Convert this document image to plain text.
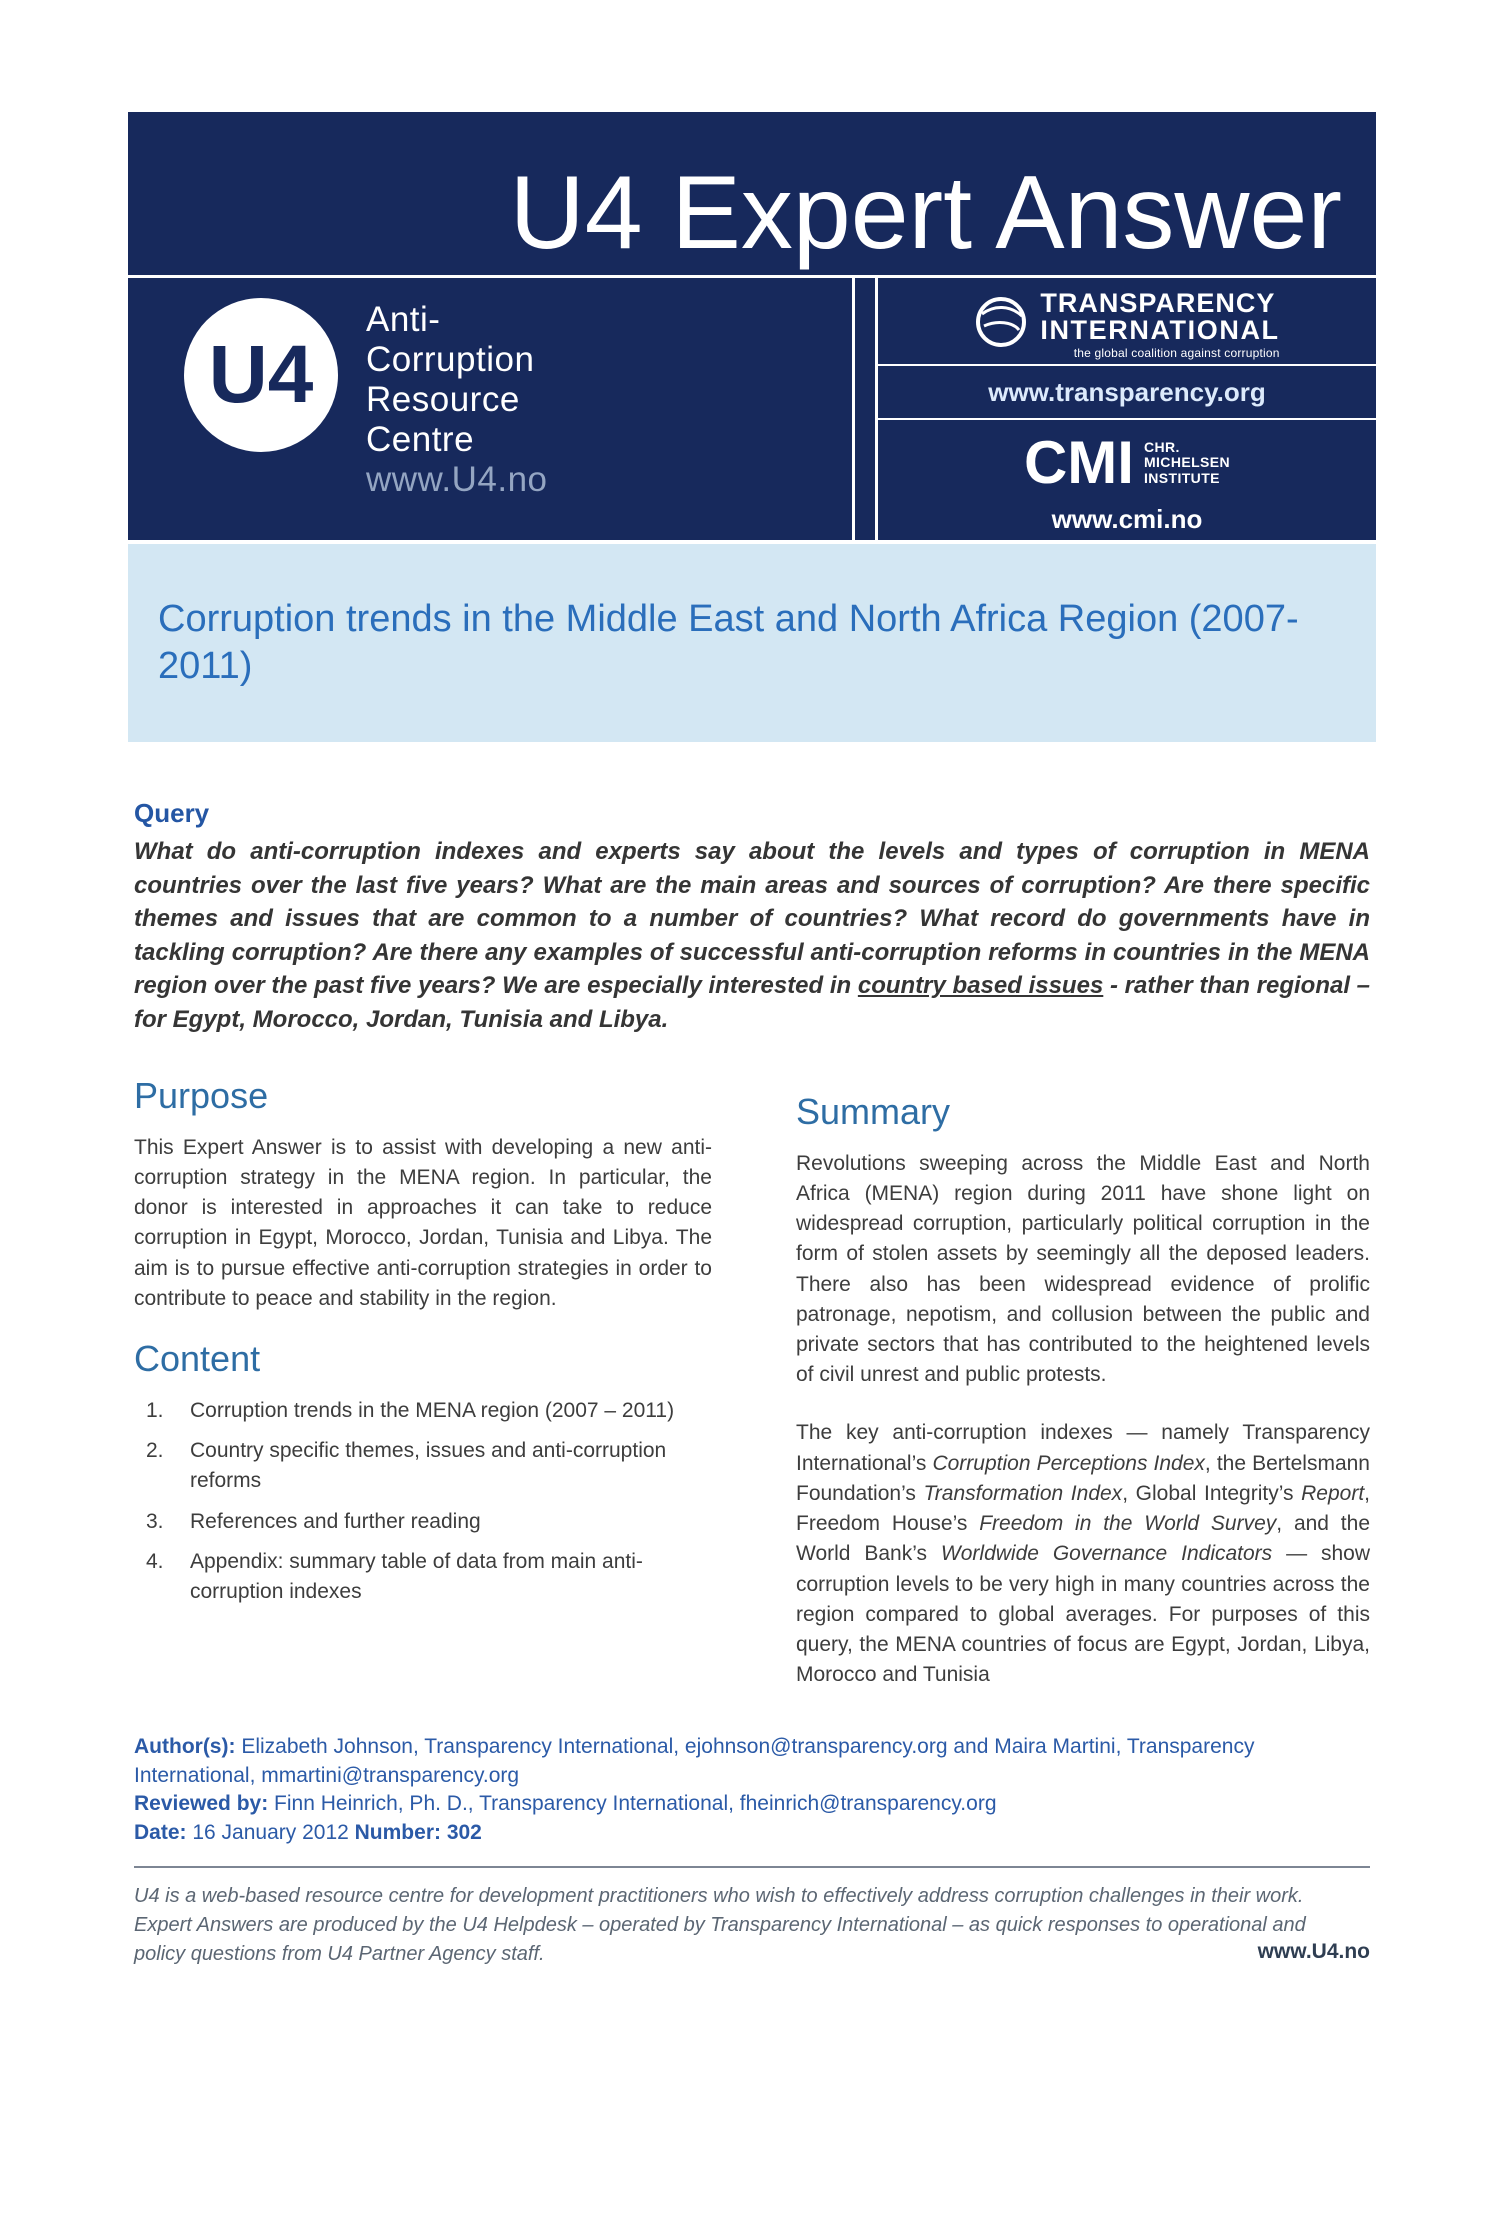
U4 Expert Answer
U4
Anti-
Corruption
Resource
Centre
www.U4.no
TRANSPARENCY
INTERNATIONAL
the global coalition against corruption
www.transparency.org
CMI CHR.
MICHELSEN
INSTITUTE
www.cmi.no
Corruption trends in the Middle East and North Africa Region (2007-2011)
Query
What do anti-corruption indexes and experts say about the levels and types of corruption in MENA countries over the last five years? What are the main areas and sources of corruption? Are there specific themes and issues that are common to a number of countries? What record do governments have in tackling corruption? Are there any examples of successful anti-corruption reforms in countries in the MENA region over the past five years? We are especially interested in country based issues - rather than regional – for Egypt, Morocco, Jordan, Tunisia and Libya.
Purpose

This Expert Answer is to assist with developing a new anti-corruption strategy in the MENA region. In particular, the donor is interested in approaches it can take to reduce corruption in Egypt, Morocco, Jordan, Tunisia and Libya. The aim is to pursue effective anti-corruption strategies in order to contribute to peace and stability in the region.

Content
1.	Corruption trends in the MENA region (2007 – 2011)
2.	Country specific themes, issues and anti-corruption reforms
3.	References and further reading
4.	Appendix: summary table of data from main anti-corruption indexes
Summary

Revolutions sweeping across the Middle East and North Africa (MENA) region during 2011 have shone light on widespread corruption, particularly political corruption in the form of stolen assets by seemingly all the deposed leaders. There also has been widespread evidence of prolific patronage, nepotism, and collusion between the public and private sectors that has contributed to the heightened levels of civil unrest and public protests.

The key anti-corruption indexes — namely Transparency International’s Corruption Perceptions Index, the Bertelsmann Foundation’s Transformation Index, Global Integrity’s Report, Freedom House’s Freedom in the World Survey, and the World Bank’s Worldwide Governance Indicators — show corruption levels to be very high in many countries across the region compared to global averages. For purposes of this query, the MENA countries of focus are Egypt, Jordan, Libya, Morocco and Tunisia

Author(s): Elizabeth Johnson, Transparency International, ejohnson@transparency.org and Maira Martini, Transparency International, mmartini@transparency.org
Reviewed by: Finn Heinrich, Ph. D., Transparency International, fheinrich@transparency.org
Date: 16 January 2012 Number: 302
U4 is a web-based resource centre for development practitioners who wish to effectively address corruption challenges in their work. Expert Answers are produced by the U4 Helpdesk – operated by Transparency International – as quick responses to operational and policy questions from U4 Partner Agency staff.	www.U4.no
